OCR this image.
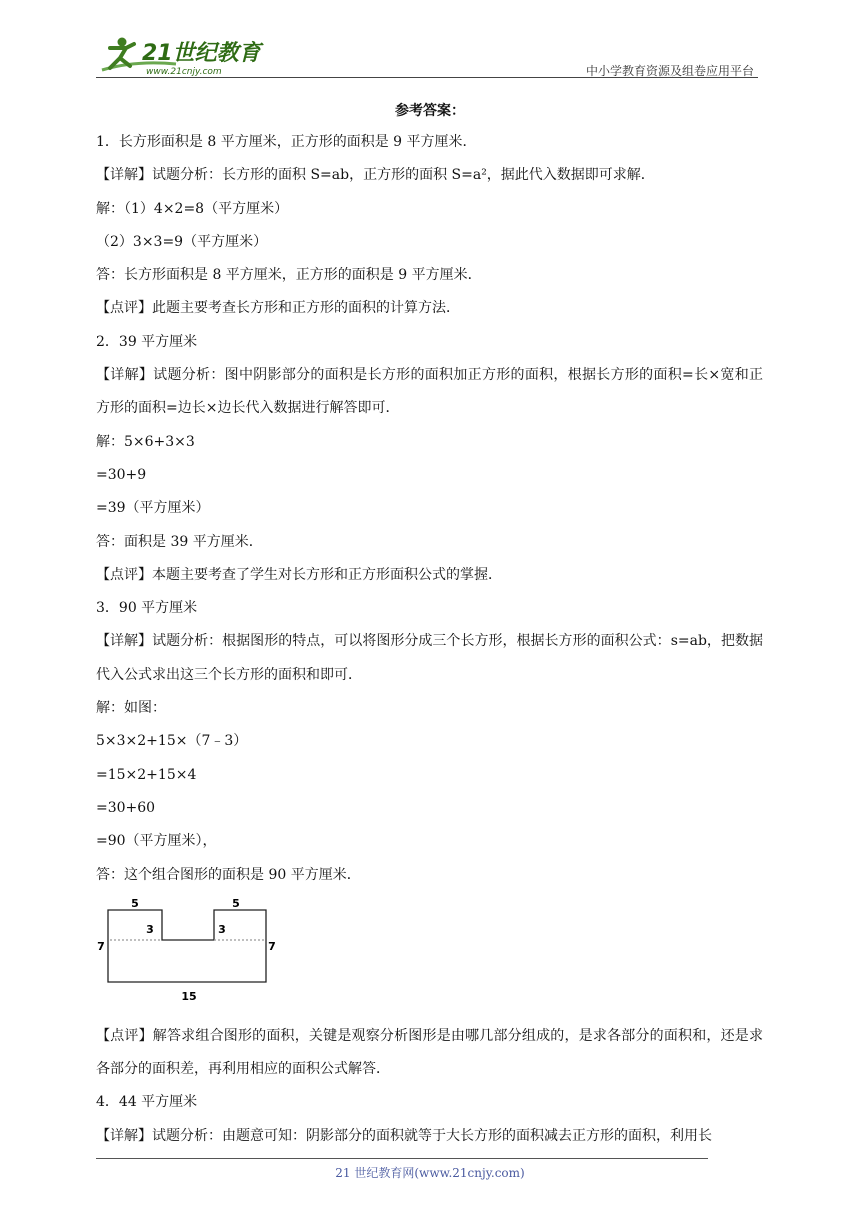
21世纪教育
www.21cnjy.com	中小学教育资源及组卷应用平台
参考答案：
1．长方形面积是 8 平方厘米，正方形的面积是 9 平方厘米．
【详解】试题分析：长方形的面积 S=ab，正方形的面积 S=a²，据此代入数据即可求解．
解：（1）4×2=8（平方厘米）
（2）3×3=9（平方厘米）
答：长方形面积是 8 平方厘米，正方形的面积是 9 平方厘米．
【点评】此题主要考查长方形和正方形的面积的计算方法．
2．39 平方厘米
【详解】试题分析：图中阴影部分的面积是长方形的面积加正方形的面积，根据长方形的面积=长×宽和正方形的面积=边长×边长代入数据进行解答即可．
解：5×6+3×3
=30+9
=39（平方厘米）
答：面积是 39 平方厘米．
【点评】本题主要考查了学生对长方形和正方形面积公式的掌握．
3．90 平方厘米
【详解】试题分析：根据图形的特点，可以将图形分成三个长方形，根据长方形的面积公式：s=ab，把数据代入公式求出这三个长方形的面积和即可．
解：如图：
5×3×2+15×（7﹣3）
=15×2+15×4
=30+60
=90（平方厘米），
答：这个组合图形的面积是 90 平方厘米．
5	5
3	3
7	7
15
【点评】解答求组合图形的面积，关键是观察分析图形是由哪几部分组成的，是求各部分的面积和，还是求各部分的面积差，再利用相应的面积公式解答．
4．44 平方厘米
【详解】试题分析：由题意可知：阴影部分的面积就等于大长方形的面积减去正方形的面积，利用长
21 世纪教育网(www.21cnjy.com)
